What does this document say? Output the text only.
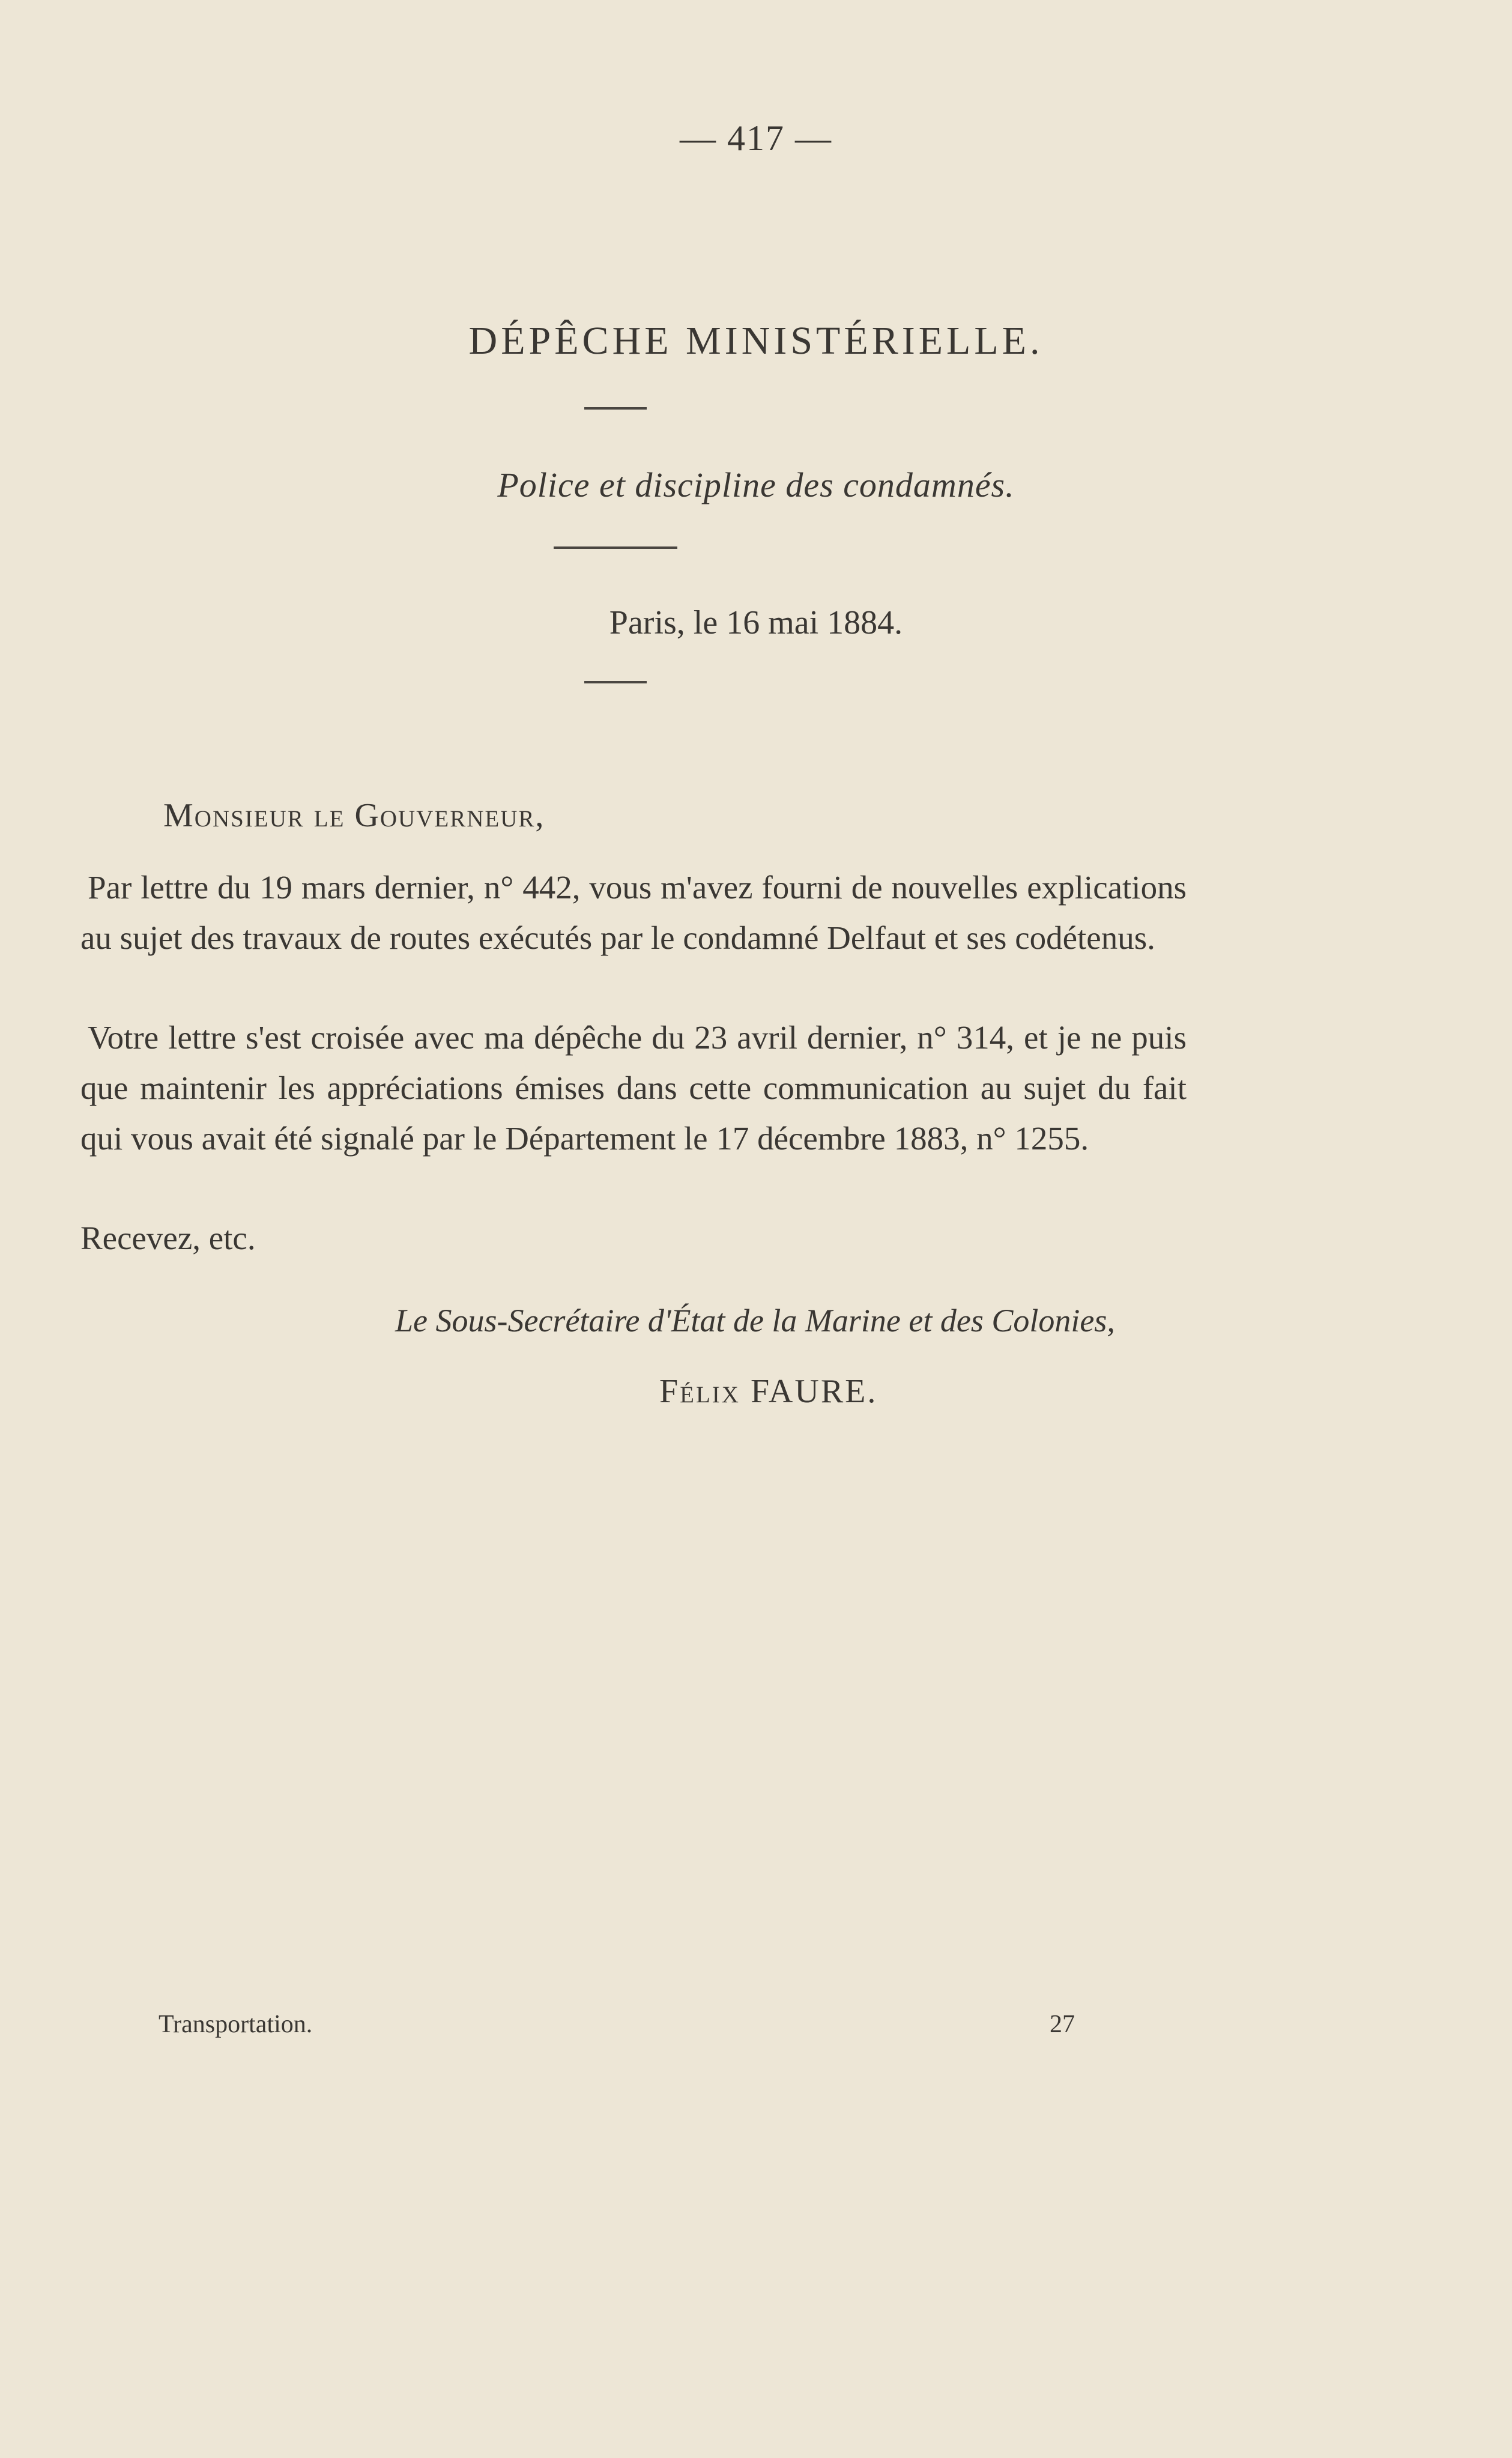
— 417 —
DÉPÊCHE MINISTÉRIELLE.
Police et discipline des condamnés.
Paris, le 16 mai 1884.
Monsieur le Gouverneur,

Par lettre du 19 mars dernier, n° 442, vous m'avez fourni de nouvelles explications au sujet des travaux de routes exécutés par le condamné Delfaut et ses codétenus.

Votre lettre s'est croisée avec ma dépêche du 23 avril dernier, n° 314, et je ne puis que maintenir les appréciations émises dans cette communication au sujet du fait qui vous avait été signalé par le Département le 17 décembre 1883, n° 1255.

Recevez, etc.
Le Sous-Secrétaire d'État de la Marine et des Colonies,
Félix FAURE.
Transportation.	27
